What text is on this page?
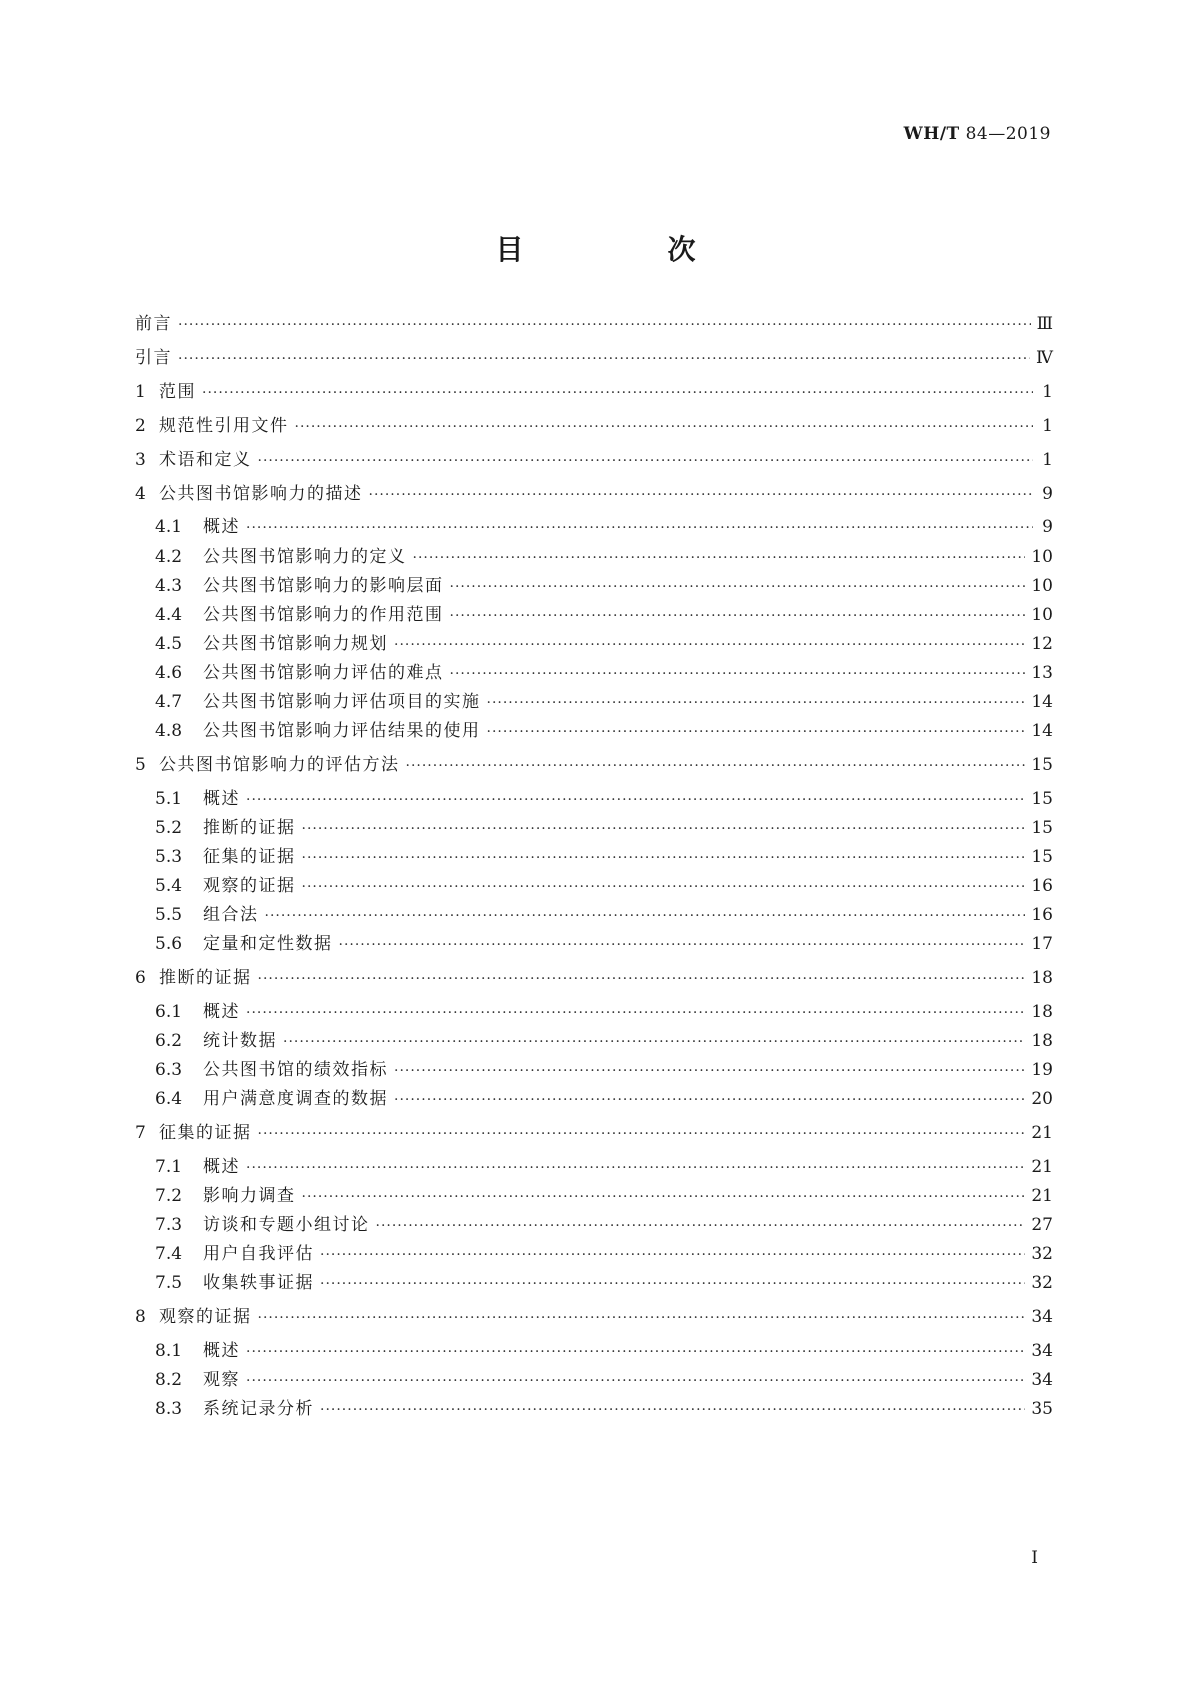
WH/T 84—2019
目　次
前言 ·····	Ⅲ
引言 ·····	Ⅳ
1 范围 ·····	1
2 规范性引用文件 ·····	1
3 术语和定义 ·····	1
4 公共图书馆影响力的描述 ·····	9
4.1	概述 ·····	9
4.2	公共图书馆影响力的定义 ·····	10
4.3	公共图书馆影响力的影响层面 ·····	10
4.4	公共图书馆影响力的作用范围 ·····	10
4.5	公共图书馆影响力规划 ·····	12
4.6	公共图书馆影响力评估的难点 ·····	13
4.7	公共图书馆影响力评估项目的实施 ·····	14
4.8	公共图书馆影响力评估结果的使用 ·····	14
5 公共图书馆影响力的评估方法 ·····	15
5.1	概述 ·····	15
5.2	推断的证据 ·····	15
5.3	征集的证据 ·····	15
5.4	观察的证据 ·····	16
5.5	组合法 ·····	16
5.6	定量和定性数据 ·····	17
6 推断的证据 ·····	18
6.1	概述 ·····	18
6.2	统计数据 ·····	18
6.3	公共图书馆的绩效指标 ·····	19
6.4	用户满意度调查的数据 ·····	20
7 征集的证据 ·····	21
7.1	概述 ·····	21
7.2	影响力调查 ·····	21
7.3	访谈和专题小组讨论 ·····	27
7.4	用户自我评估 ·····	32
7.5	收集轶事证据 ·····	32
8 观察的证据 ·····	34
8.1	概述 ·····	34
8.2	观察 ·····	34
8.3	系统记录分析 ·····	35
I
